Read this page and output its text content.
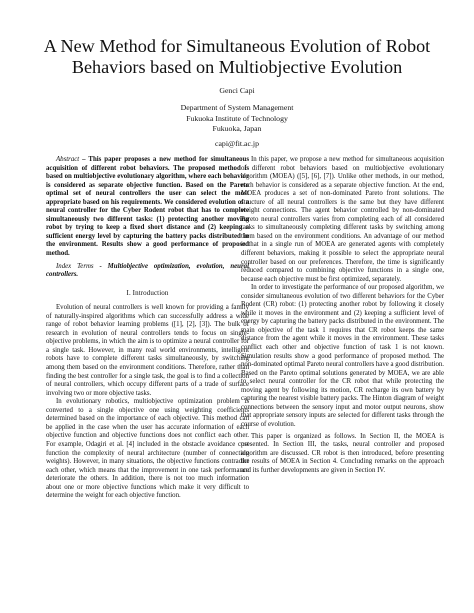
A New Method for Simultaneous Evolution of Robot Behaviors based on Multiobjective Evolution
Genci Capi
Department of System Management
Fukuoka Institute of Technology
Fukuoka, Japan
capi@fit.ac.jp

Abstract – This paper proposes a new method for simultaneous acquisition of different robot behaviors. The proposed method is based on multiobjective evolutionary algorithm, where each behavior is considered as separate objective function. Based on the Pareto optimal set of neural controllers the user can select the most appropriate based on his requirements. We considered evolution of a neural controller for the Cyber Rodent robot that has to complete simultaneously two different tasks: (1) protecting another moving robot by trying to keep a fixed short distance and (2) keeping a sufficient energy level by capturing the battery packs distributed in the environment. Results show a good performance of proposed method.

Index Terms - Multiobjective optimization, evolution, neural controllers.

I. Introduction

Evolution of neural controllers is well known for providing a family of naturally-inspired algorithms which can successfully address a wide range of robot behavior learning problems ([1], [2], [3]). The bulk of research in evolution of neural controllers tends to focus on single-objective problems, in which the aim is to optimize a neural controller for a single task. However, in many real world environments, intelligent robots have to complete different tasks simultaneously, by switching among them based on the environment conditions. Therefore, rather than finding the best controller for a single task, the goal is to find a collection of neural controllers, which occupy different parts of a trade of surface involving two or more objective tasks.

In evolutionary robotics, multiobjective optimization problem is converted to a single objective one using weighting coefficients determined based on the importance of each objective. This method can be applied in the case when the user has accurate information of each objective function and objective functions does not conflict each other. For example, Odagiri et al. [4] included in the obstacle avoidance cost function the complexity of neural architecture (number of connection weights). However, in many situations, the objective functions contradict each other, which means that the improvement in one task performance deteriorate the others. In addition, there is not too much information about one or more objective functions which make it very difficult to determine the weight for each objective function.

In this paper, we propose a new method for simultaneous acquisition of different robot behaviors based on multiobjective evolutionary algorithm (MOEA) ([5], [6], [7]). Unlike other methods, in our method, each behavior is considered as a separate objective function. At the end, MOEA produces a set of non-dominated Pareto front solutions. The structure of all neural controllers is the same but they have different weight connections. The agent behavior controlled by non-dominated Pareto neural controllers varies from completing each of all considered tasks to simultaneously completing different tasks by switching among them based on the environment conditions. An advantage of our method is that in a single run of MOEA are generated agents with completely different behaviors, making it possible to select the appropriate neural controller based on our preferences. Therefore, the time is significantly reduced compared to combining objective functions in a single one, because each objective must be first optimized, separately.

In order to investigate the performance of our proposed algorithm, we consider simultaneous evolution of two different behaviors for the Cyber Rodent (CR) robot: (1) protecting another robot by following it closely while it moves in the environment and (2) keeping a sufficient level of energy by capturing the battery packs distributed in the environment. The main objective of the task 1 requires that CR robot keeps the same distance from the agent while it moves in the environment. These tasks conflict each other and objective function of task 1 is not known. Simulation results show a good performance of proposed method. The non-dominated optimal Pareto neural controllers have a good distribution. Based on the Pareto optimal solutions generated by MOEA, we are able to select neural controller for the CR robot that while protecting the moving agent by following its motion, CR recharge its own battery by capturing the nearest visible battery packs. The Hinton diagram of weight connections between the sensory input and motor output neurons, show that appropriate sensory inputs are selected for different tasks through the course of evolution.

This paper is organized as follows. In Section II, the MOEA is presented. In Section III, the tasks, neural controller and proposed algorithm are discussed. CR robot is then introduced, before presenting the results of MOEA in Section 4. Concluding remarks on the approach and its further developments are given in Section IV.
